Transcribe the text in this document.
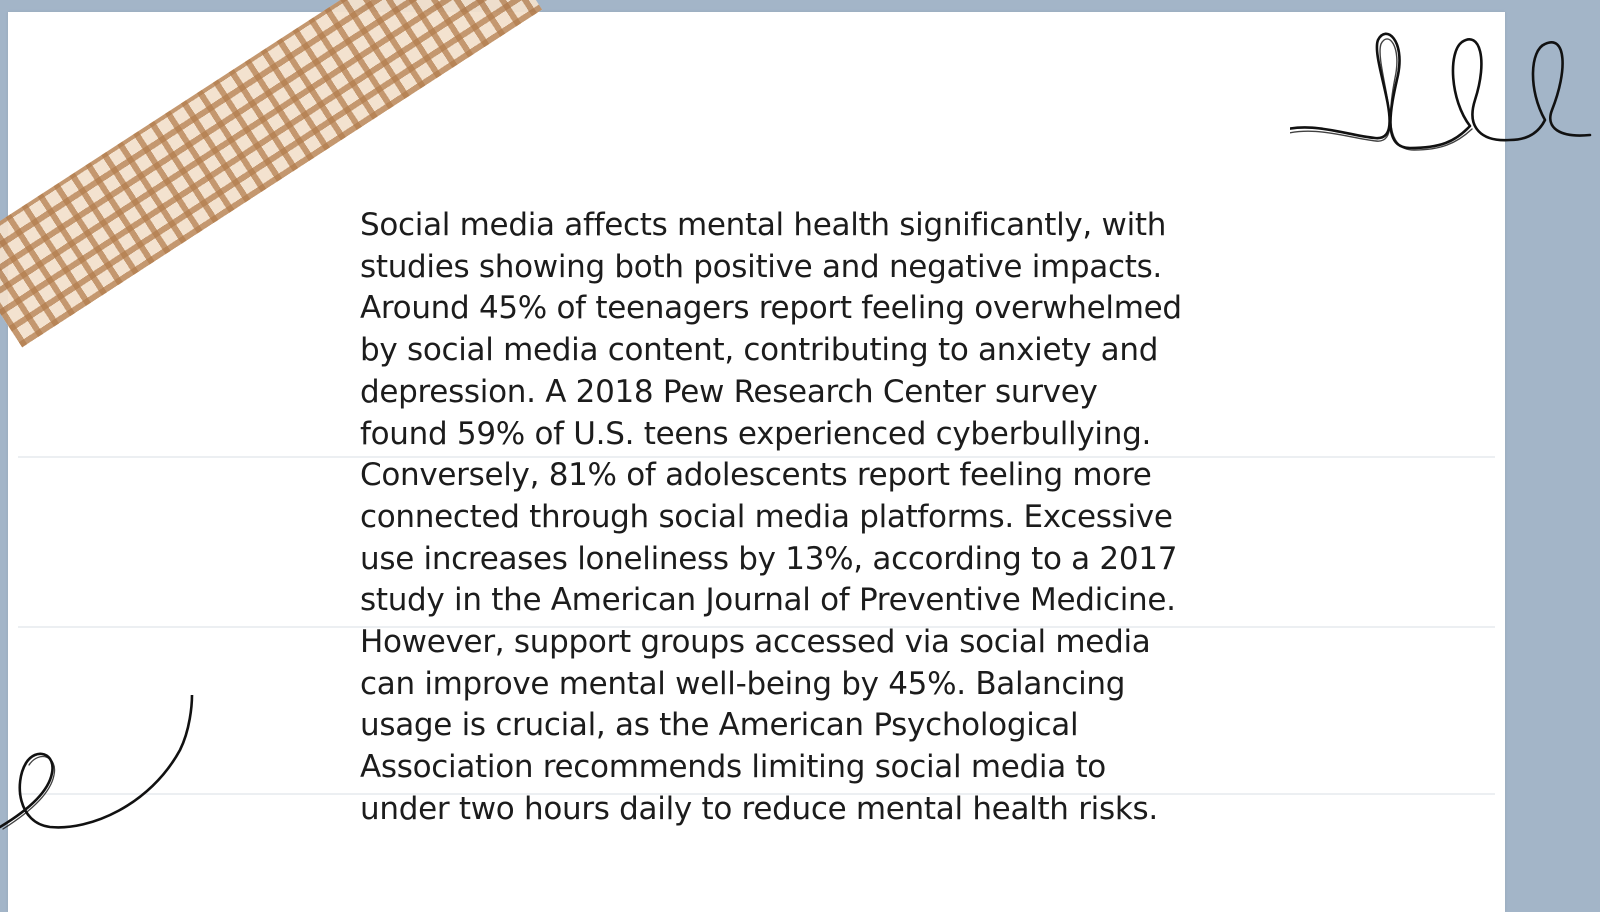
Social media affects mental health significantly, with
studies showing both positive and negative impacts.
Around 45% of teenagers report feeling overwhelmed
by social media content, contributing to anxiety and
depression. A 2018 Pew Research Center survey
found 59% of U.S. teens experienced cyberbullying.
Conversely, 81% of adolescents report feeling more
connected through social media platforms. Excessive
use increases loneliness by 13%, according to a 2017
study in the American Journal of Preventive Medicine.
However, support groups accessed via social media
can improve mental well-being by 45%. Balancing
usage is crucial, as the American Psychological
Association recommends limiting social media to
under two hours daily to reduce mental health risks.
